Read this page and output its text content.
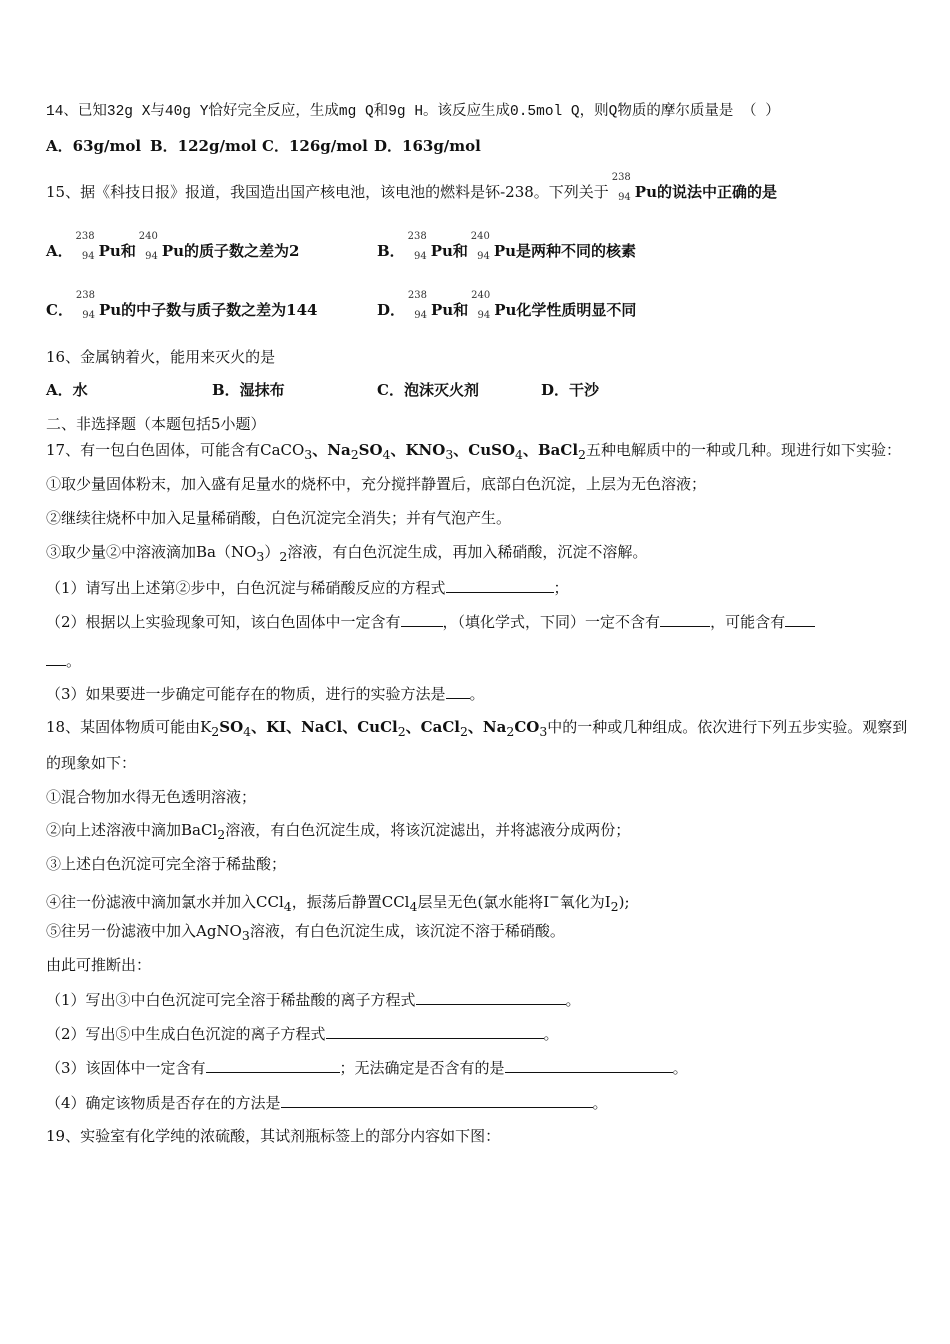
14、已知32g X与40g Y恰好完全反应，生成mg Q和9g H。该反应生成0.5mol Q，则Q物质的摩尔质量是 （ ）
A．63g/mol B．122g/mol C．126g/mol D．163g/mol
15、据《科技日报》报道，我国造出国产核电池，该电池的燃料是钚-238。下列关于
238
94 Pu的说法中正确的是
A．
238
94 Pu和
240
94 Pu的质子数之差为2	B．
238
94 Pu和
240
94 Pu是两种不同的核素
C．
238
94 Pu的中子数与质子数之差为144	D．
238
94 Pu和
240
94 Pu化学性质明显不同
16、金属钠着火，能用来灭火的是
A．水	B．湿抹布	C．泡沫灭火剂	D．干沙
二、非选择题（本题包括5小题）
17、有一包白色固体，可能含有CaCO$_3$、$Na_2SO_4$、$KNO_3$、CuSO$_4$、BaCl$_2$五种电解质中的一种或几种。现进行如下实验：
①取少量固体粉末，加入盛有足量水的烧杯中，充分搅拌静置后，底部白色沉淀，上层为无色溶液；
②继续往烧杯中加入足量稀硝酸，白色沉淀完全消失；并有气泡产生。
③取少量②中溶液滴加$Ba(NO_3)_2$溶液，有白色沉淀生成，再加入稀硝酸，沉淀不溶解。
（1）请写出上述第②步中，白色沉淀与稀硝酸反应的方程式	；
（2）根据以上实验现象可知，该白色固体中一定含有	，（填化学式，下同）一定不含有	，可能含有
。
（3）如果要进一步确定可能存在的物质，进行的实验方法是 。
18、某固体物质可能由$K_2SO_4$、KI、NaCl、CuCl$_2$、CaCl$_2$、$Na_2CO_3$中的一种或几种组成。依次进行下列五步实验。观察到
的现象如下：
①混合物加水得无色透明溶液；
②向上述溶液中滴加BaCl$_2$溶液，有白色沉淀生成，将该沉淀滤出，并将滤液分成两份；
③上述白色沉淀可完全溶于稀盐酸；
④往一份滤液中滴加氯水并加入CCl$_4$，振荡后静置CCl$_4$层呈无色(氯水能将I−氧化为$I_2$);
⑤往另一份滤液中加入AgNO$_3$溶液，有白色沉淀生成，该沉淀不溶于稀硝酸。
由此可推断出：
（1）写出③中白色沉淀可完全溶于稀盐酸的离子方程式	。
（2）写出⑤中生成白色沉淀的离子方程式	。
（3）该固体中一定含有	；无法确定是否含有的是	。
（4）确定该物质是否存在的方法是	。
19、实验室有化学纯的浓硫酸，其试剂瓶标签上的部分内容如下图：
